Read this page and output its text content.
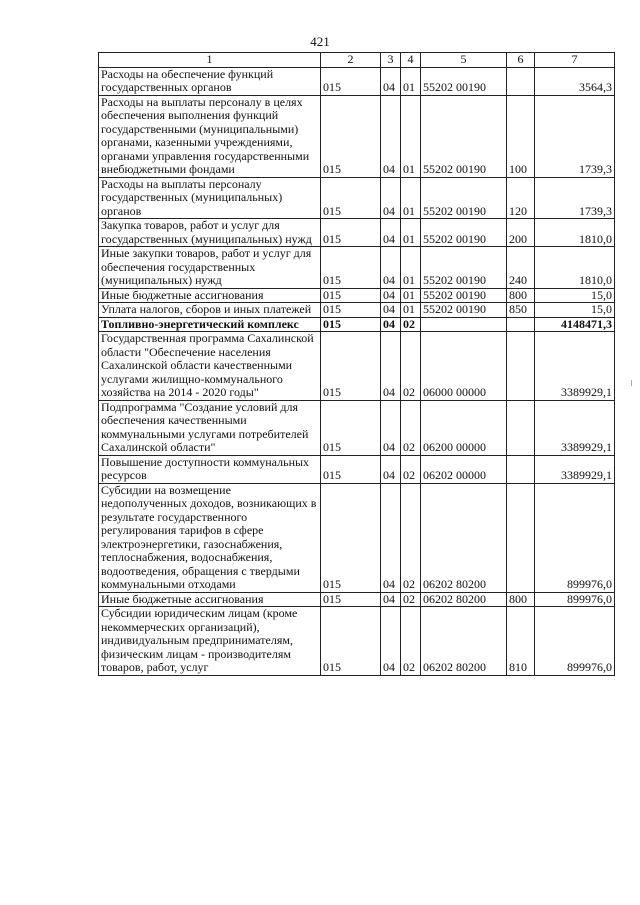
421
1	2	3	4	5	6	7
Расходы на обеспечение функций государственных органов	015	04	01	55202 00190		3564,3
Расходы на выплаты персоналу в целях обеспечения выполнения функций государственными (муниципальными) органами, казенными учреждениями, органами управления государственными внебюджетными фондами	015	04	01	55202 00190	100	1739,3
Расходы на выплаты персоналу государственных (муниципальных) органов	015	04	01	55202 00190	120	1739,3
Закупка товаров, работ и услуг для государственных (муниципальных) нужд	015	04	01	55202 00190	200	1810,0
Иные закупки товаров, работ и услуг для обеспечения государственных (муниципальных) нужд	015	04	01	55202 00190	240	1810,0
Иные бюджетные ассигнования	015	04	01	55202 00190	800	15,0
Уплата налогов, сборов и иных платежей	015	04	01	55202 00190	850	15,0
Топливно-энергетический комплекс	015	04	02			4148471,3
Государственная программа Сахалинской области "Обеспечение населения Сахалинской области качественными услугами жилищно-коммунального хозяйства на 2014 - 2020 годы"	015	04	02	06000 00000		3389929,1
Подпрограмма "Создание условий для обеспечения качественными коммунальными услугами потребителей Сахалинской области"	015	04	02	06200 00000		3389929,1
Повышение доступности коммунальных ресурсов	015	04	02	06202 00000		3389929,1
Субсидии на возмещение недополученных доходов, возникающих в результате государственного регулирования тарифов в сфере электроэнергетики, газоснабжения, теплоснабжения, водоснабжения, водоотведения, обращения с твердыми коммунальными отходами	015	04	02	06202 80200		899976,0
Иные бюджетные ассигнования	015	04	02	06202 80200	800	899976,0
Субсидии юридическим лицам (кроме некоммерческих организаций), индивидуальным предпринимателям, физическим лицам - производителям товаров, работ, услуг	015	04	02	06202 80200	810	899976,0
